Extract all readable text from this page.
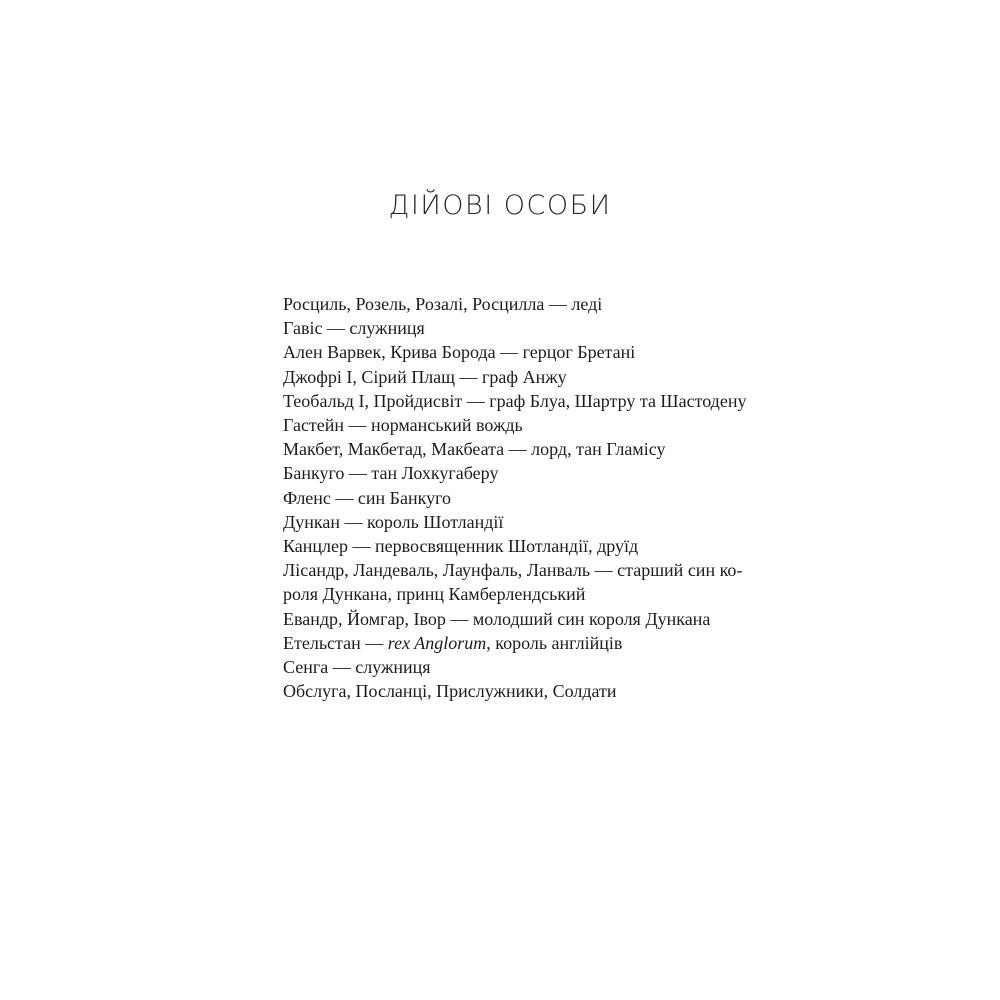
ДІЙОВІ ОСОБИ
Росциль, Розель, Розалі, Росцилла — леді
Гавіс — служниця
Ален Варвек, Крива Борода — герцог Бретані
Джофрі I, Сірий Плащ — граф Анжу
Теобальд I, Пройдисвіт — граф Блуа, Шартру та Шастодену
Гастейн — норманський вождь
Макбет, Макбетад, Макбеата — лорд, тан Гламісу
Банкуго — тан Лохкугаберу
Фленс — син Банкуго
Дункан — король Шотландії
Канцлер — первосвященник Шотландії, друїд
Лісандр, Ландеваль, Лаунфаль, Ланваль — старший син ко-
роля Дункана, принц Камберлендський
Евандр, Йомгар, Івор — молодший син короля Дункана
Етельстан — rex Anglorum, король англійців
Сенга — служниця
Обслуга, Посланці, Прислужники, Солдати
